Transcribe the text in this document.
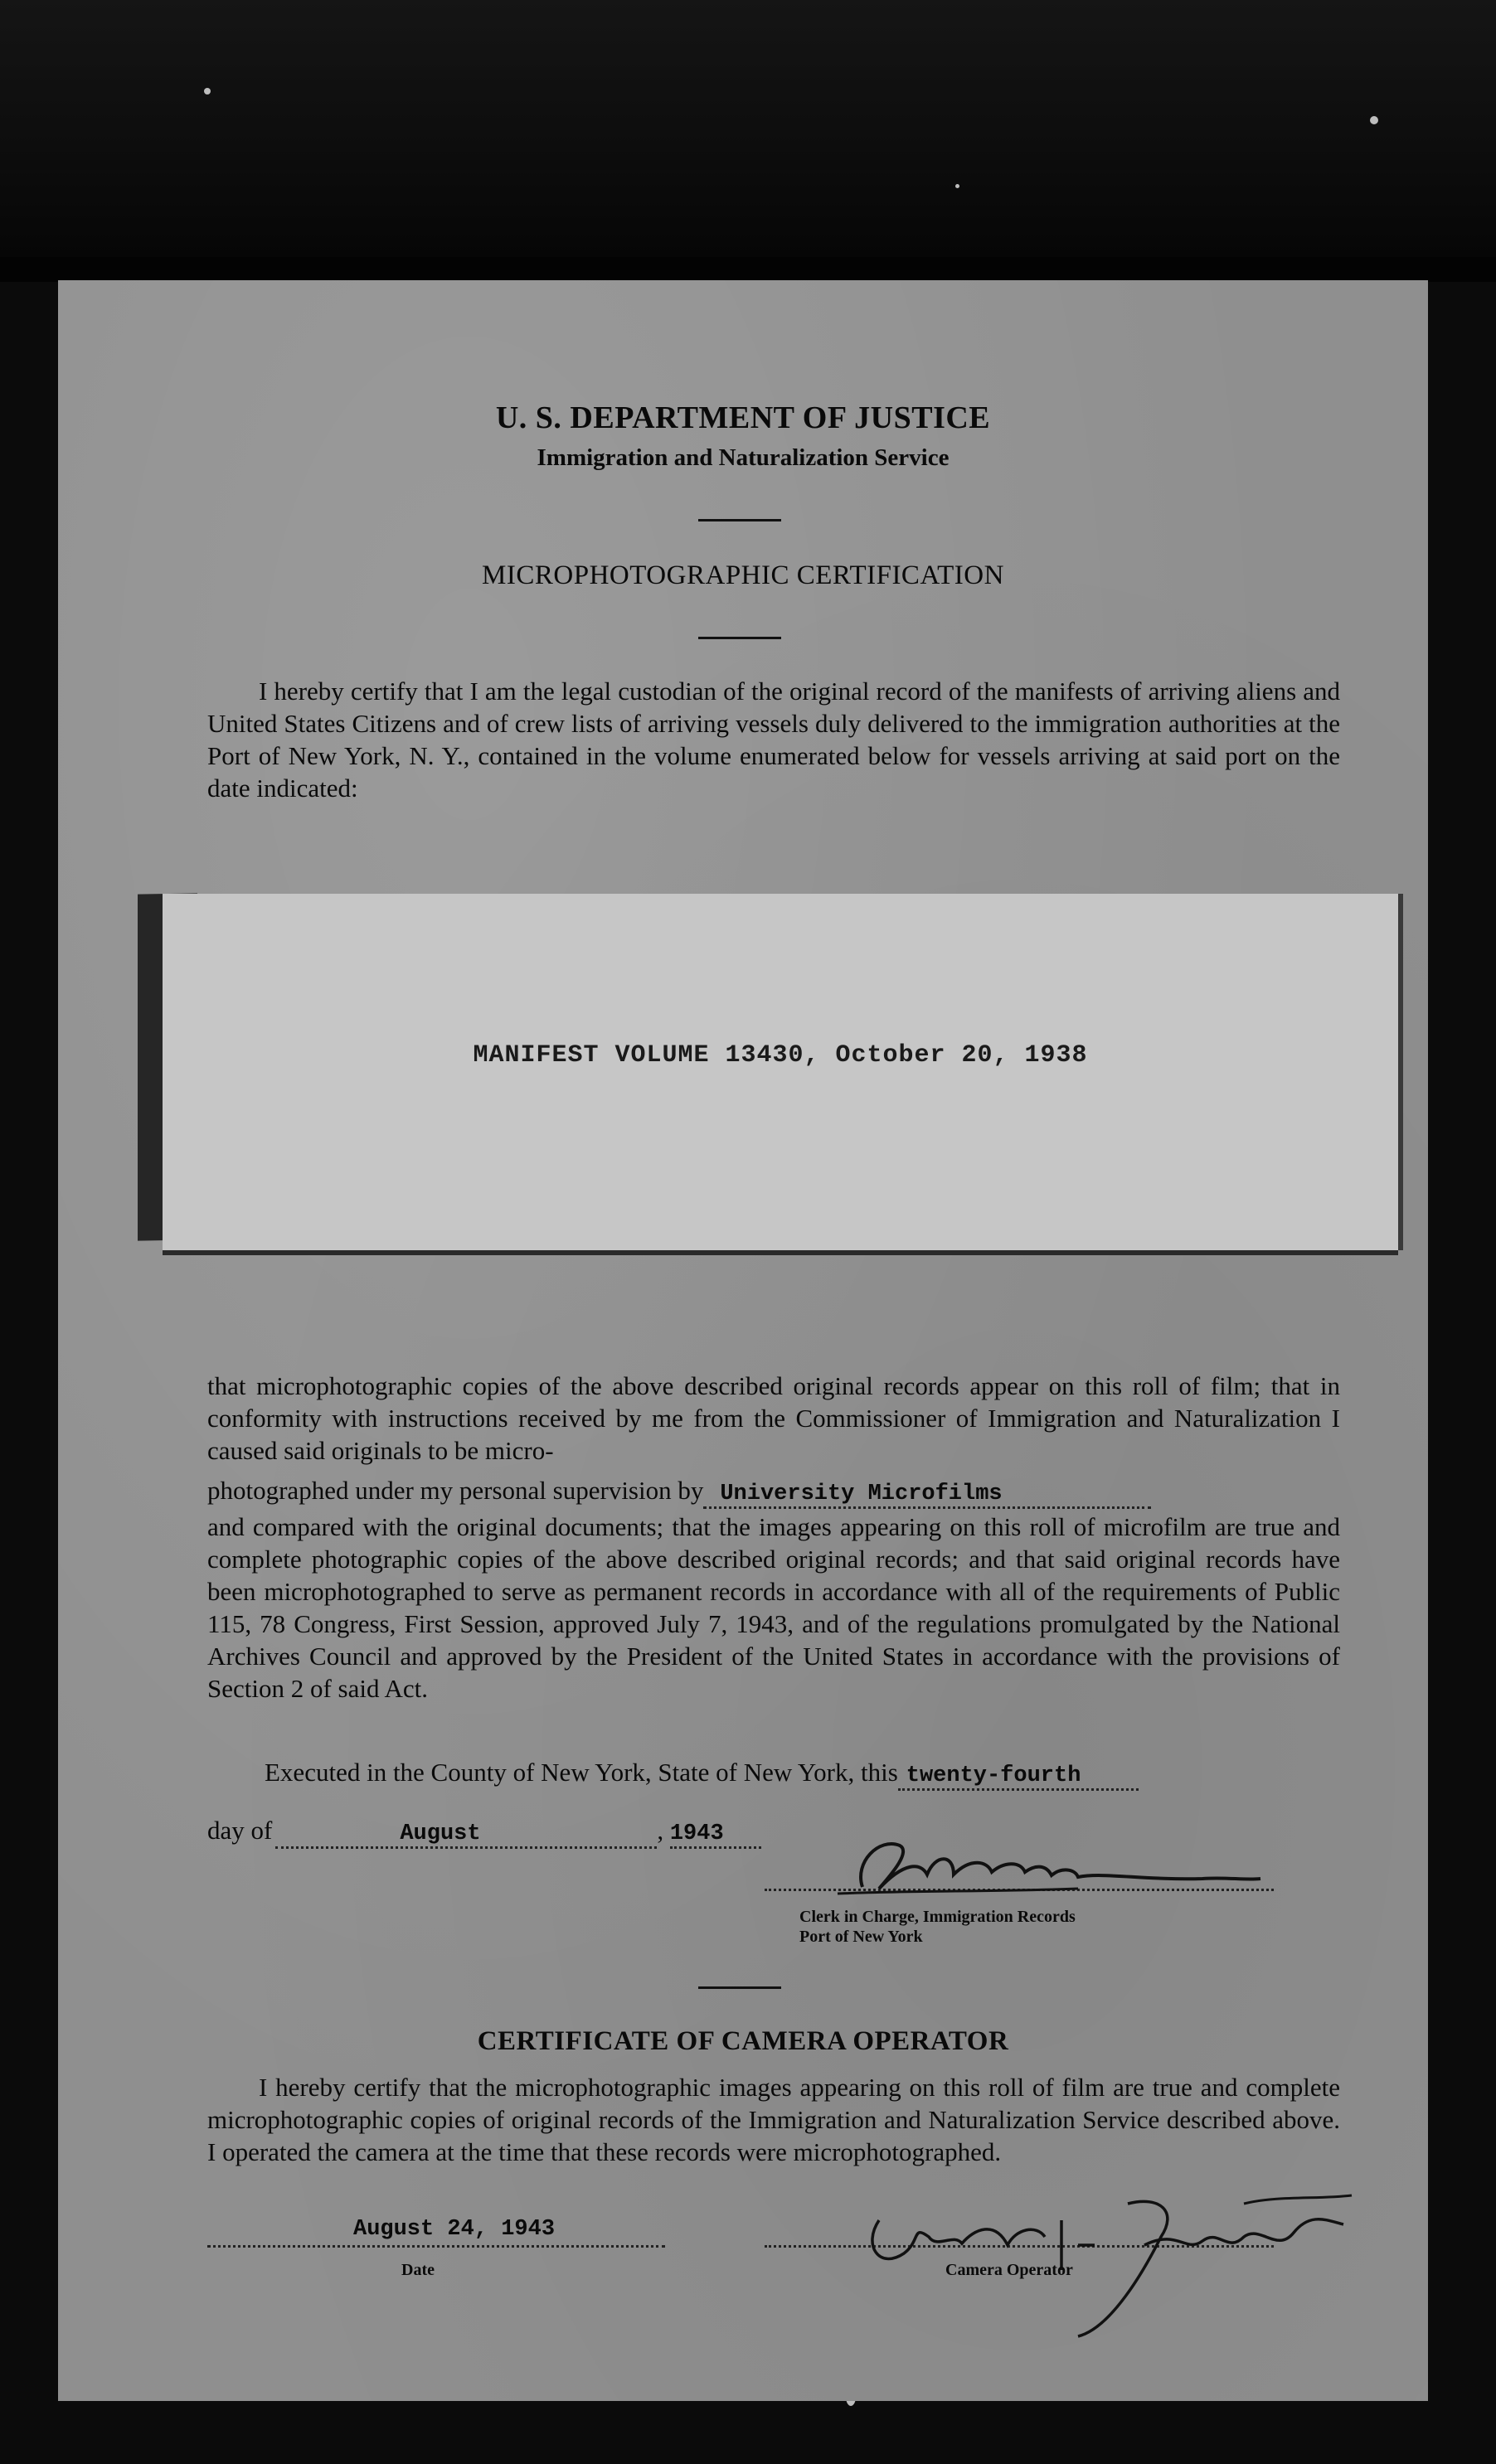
U. S. DEPARTMENT OF JUSTICE
Immigration and Naturalization Service
MICROPHOTOGRAPHIC CERTIFICATION

I hereby certify that I am the legal custodian of the original record of the manifests of arriving aliens and United States Citizens and of crew lists of arriving vessels duly delivered to the immigration authorities at the Port of New York, N. Y., contained in the volume enumerated below for vessels arriving at said port on the date indicated:

MANIFEST VOLUME 13430, October 20, 1938

that microphotographic copies of the above described original records appear on this roll of film; that in conformity with instructions received by me from the Commissioner of Immigration and Naturalization I caused said originals to be micro-

photographed under my personal supervision by University Microfilms

and compared with the original documents; that the images appearing on this roll of microfilm are true and complete photographic copies of the above described original records; and that said original records have been microphotographed to serve as permanent records in accordance with all of the requirements of Public 115, 78 Congress, First Session, approved July 7, 1943, and of the regulations promulgated by the National Archives Council and approved by the President of the United States in accordance with the provisions of Section 2 of said Act.

Executed in the County of New York, State of New York, this twenty-fourth
day of	August	, 1943
Clerk in Charge, Immigration Records
Port of New York
CERTIFICATE OF CAMERA OPERATOR

I hereby certify that the microphotographic images appearing on this roll of film are true and complete microphotographic copies of original records of the Immigration and Naturalization Service described above. I operated the camera at the time that these records were microphotographed.

August 24, 1943
Date	Camera Operator
